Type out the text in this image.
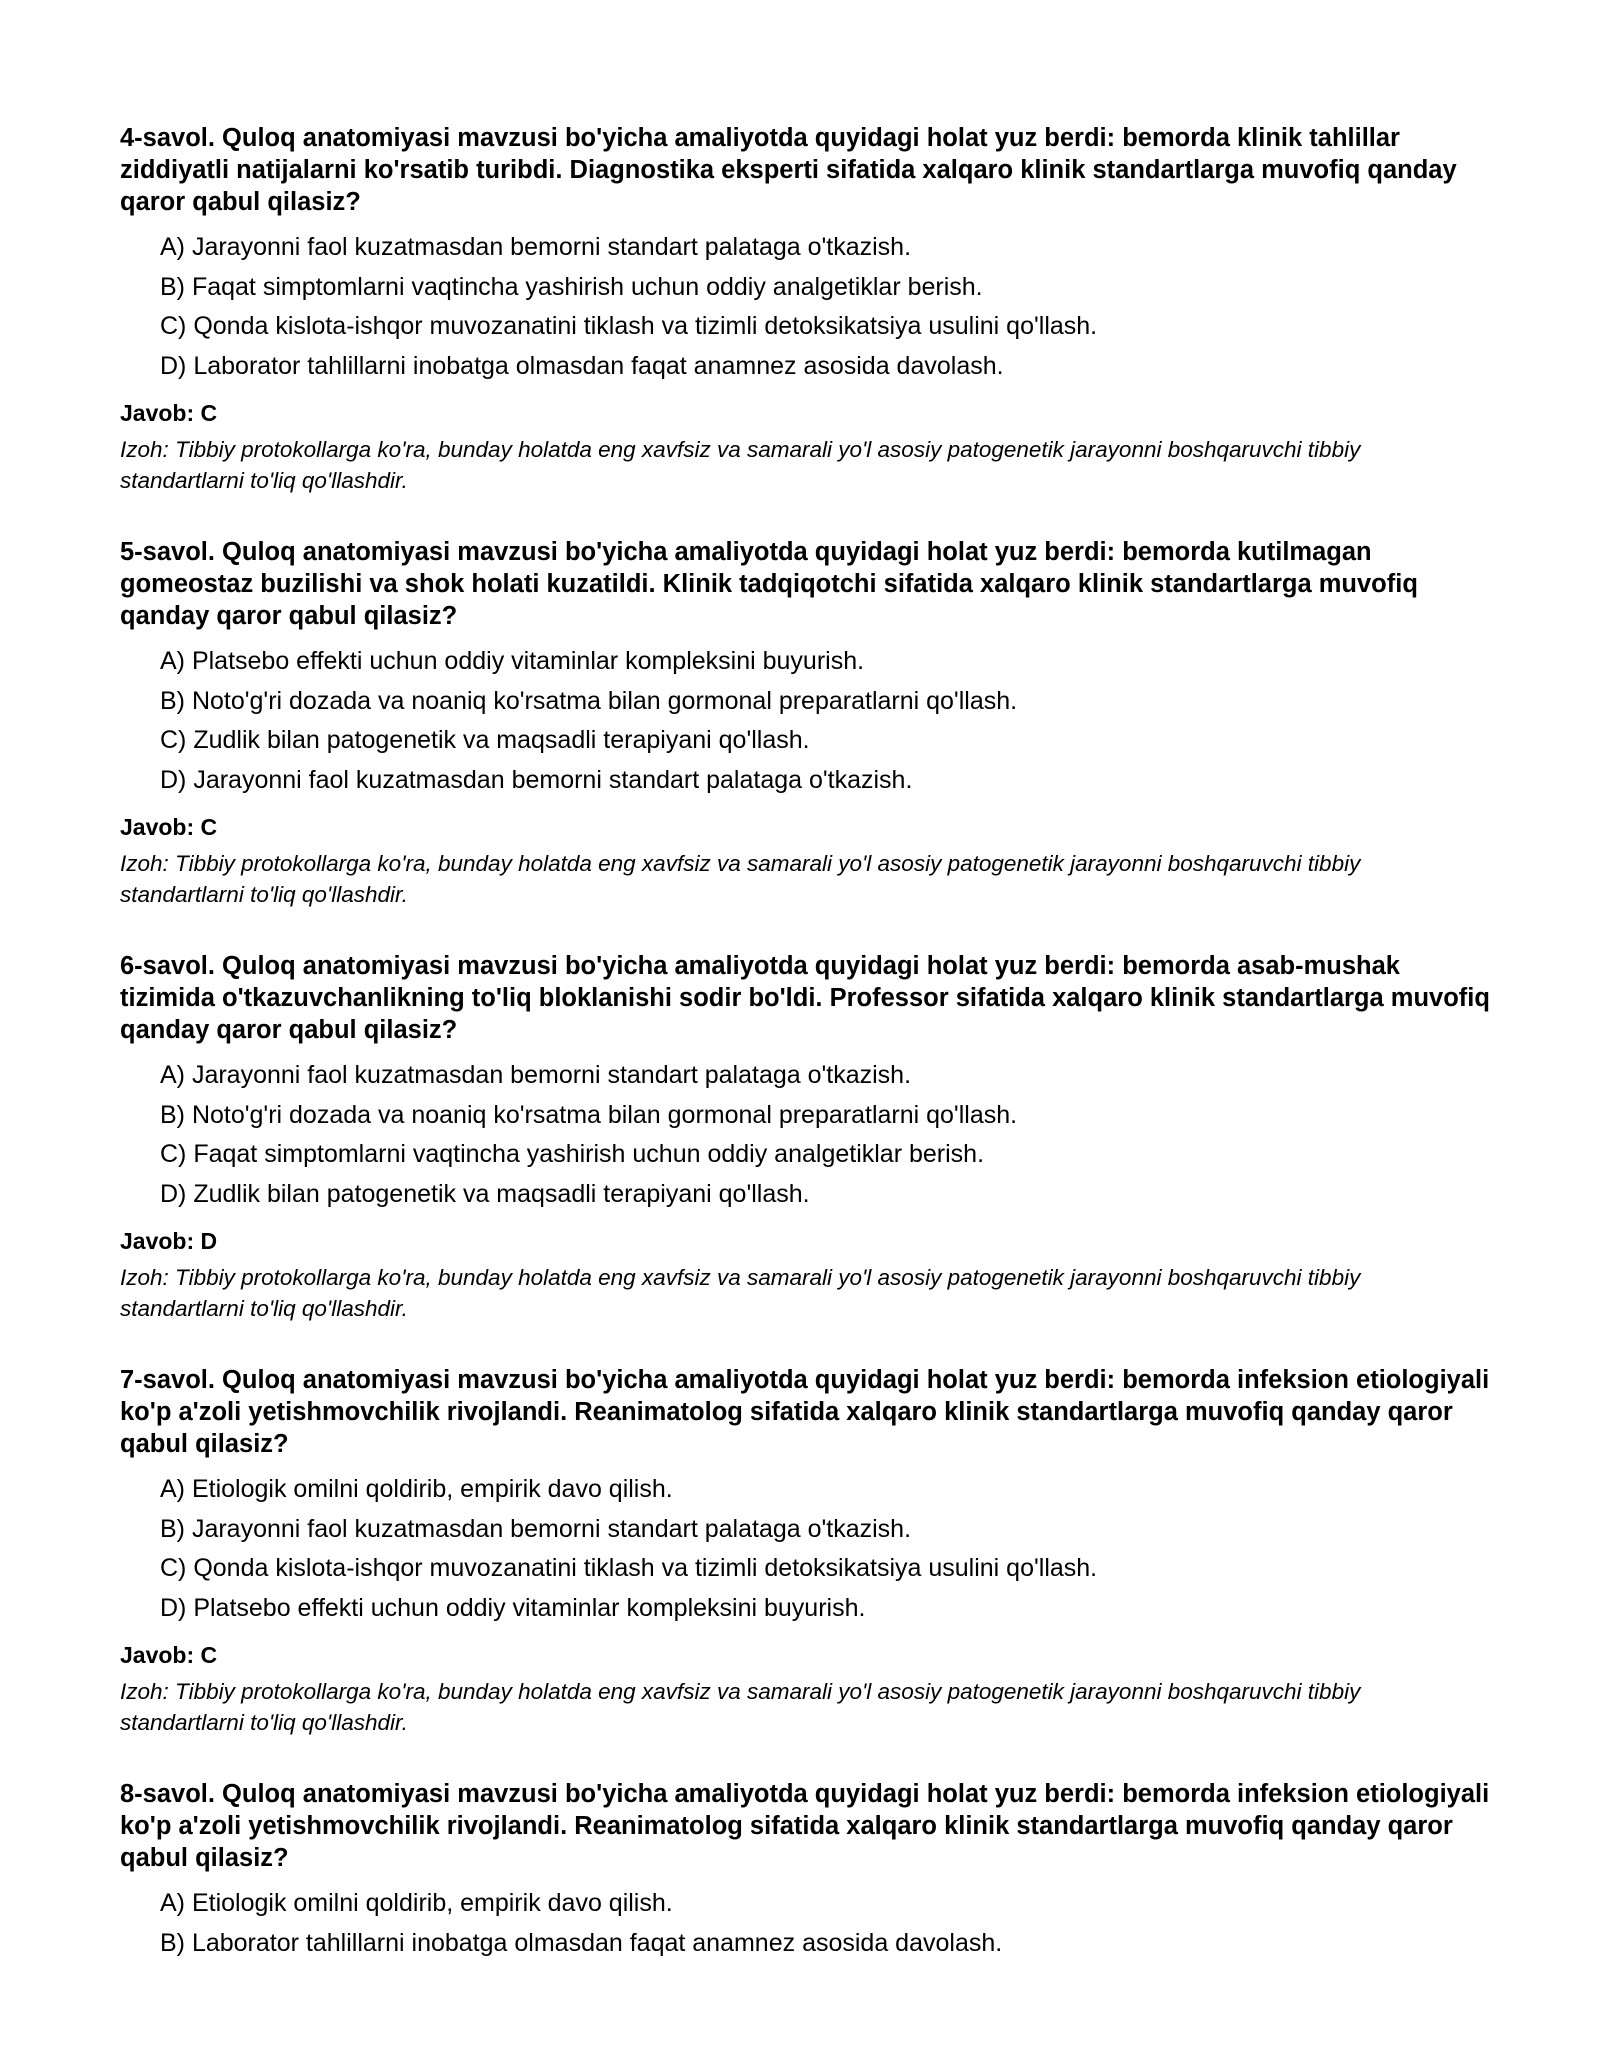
4-savol. Quloq anatomiyasi mavzusi bo'yicha amaliyotda quyidagi holat yuz berdi: bemorda klinik tahlillar ziddiyatli natijalarni ko'rsatib turibdi. Diagnostika eksperti sifatida xalqaro klinik standartlarga muvofiq qanday qaror qabul qilasiz?
A) Jarayonni faol kuzatmasdan bemorni standart palataga o'tkazish.
B) Faqat simptomlarni vaqtincha yashirish uchun oddiy analgetiklar berish.
C) Qonda kislota-ishqor muvozanatini tiklash va tizimli detoksikatsiya usulini qo'llash.
D) Laborator tahlillarni inobatga olmasdan faqat anamnez asosida davolash.
Javob: C
Izoh: Tibbiy protokollarga ko'ra, bunday holatda eng xavfsiz va samarali yo'l asosiy patogenetik jarayonni boshqaruvchi tibbiy standartlarni to'liq qo'llashdir.
5-savol. Quloq anatomiyasi mavzusi bo'yicha amaliyotda quyidagi holat yuz berdi: bemorda kutilmagan gomeostaz buzilishi va shok holati kuzatildi. Klinik tadqiqotchi sifatida xalqaro klinik standartlarga muvofiq qanday qaror qabul qilasiz?
A) Platsebo effekti uchun oddiy vitaminlar kompleksini buyurish.
B) Noto'g'ri dozada va noaniq ko'rsatma bilan gormonal preparatlarni qo'llash.
C) Zudlik bilan patogenetik va maqsadli terapiyani qo'llash.
D) Jarayonni faol kuzatmasdan bemorni standart palataga o'tkazish.
Javob: C
Izoh: Tibbiy protokollarga ko'ra, bunday holatda eng xavfsiz va samarali yo'l asosiy patogenetik jarayonni boshqaruvchi tibbiy standartlarni to'liq qo'llashdir.
6-savol. Quloq anatomiyasi mavzusi bo'yicha amaliyotda quyidagi holat yuz berdi: bemorda asab-mushak tizimida o'tkazuvchanlikning to'liq bloklanishi sodir bo'ldi. Professor sifatida xalqaro klinik standartlarga muvofiq qanday qaror qabul qilasiz?
A) Jarayonni faol kuzatmasdan bemorni standart palataga o'tkazish.
B) Noto'g'ri dozada va noaniq ko'rsatma bilan gormonal preparatlarni qo'llash.
C) Faqat simptomlarni vaqtincha yashirish uchun oddiy analgetiklar berish.
D) Zudlik bilan patogenetik va maqsadli terapiyani qo'llash.
Javob: D
Izoh: Tibbiy protokollarga ko'ra, bunday holatda eng xavfsiz va samarali yo'l asosiy patogenetik jarayonni boshqaruvchi tibbiy standartlarni to'liq qo'llashdir.
7-savol. Quloq anatomiyasi mavzusi bo'yicha amaliyotda quyidagi holat yuz berdi: bemorda infeksion etiologiyali ko'p a'zoli yetishmovchilik rivojlandi. Reanimatolog sifatida xalqaro klinik standartlarga muvofiq qanday qaror qabul qilasiz?
A) Etiologik omilni qoldirib, empirik davo qilish.
B) Jarayonni faol kuzatmasdan bemorni standart palataga o'tkazish.
C) Qonda kislota-ishqor muvozanatini tiklash va tizimli detoksikatsiya usulini qo'llash.
D) Platsebo effekti uchun oddiy vitaminlar kompleksini buyurish.
Javob: C
Izoh: Tibbiy protokollarga ko'ra, bunday holatda eng xavfsiz va samarali yo'l asosiy patogenetik jarayonni boshqaruvchi tibbiy standartlarni to'liq qo'llashdir.
8-savol. Quloq anatomiyasi mavzusi bo'yicha amaliyotda quyidagi holat yuz berdi: bemorda infeksion etiologiyali ko'p a'zoli yetishmovchilik rivojlandi. Reanimatolog sifatida xalqaro klinik standartlarga muvofiq qanday qaror qabul qilasiz?
A) Etiologik omilni qoldirib, empirik davo qilish.
B) Laborator tahlillarni inobatga olmasdan faqat anamnez asosida davolash.
